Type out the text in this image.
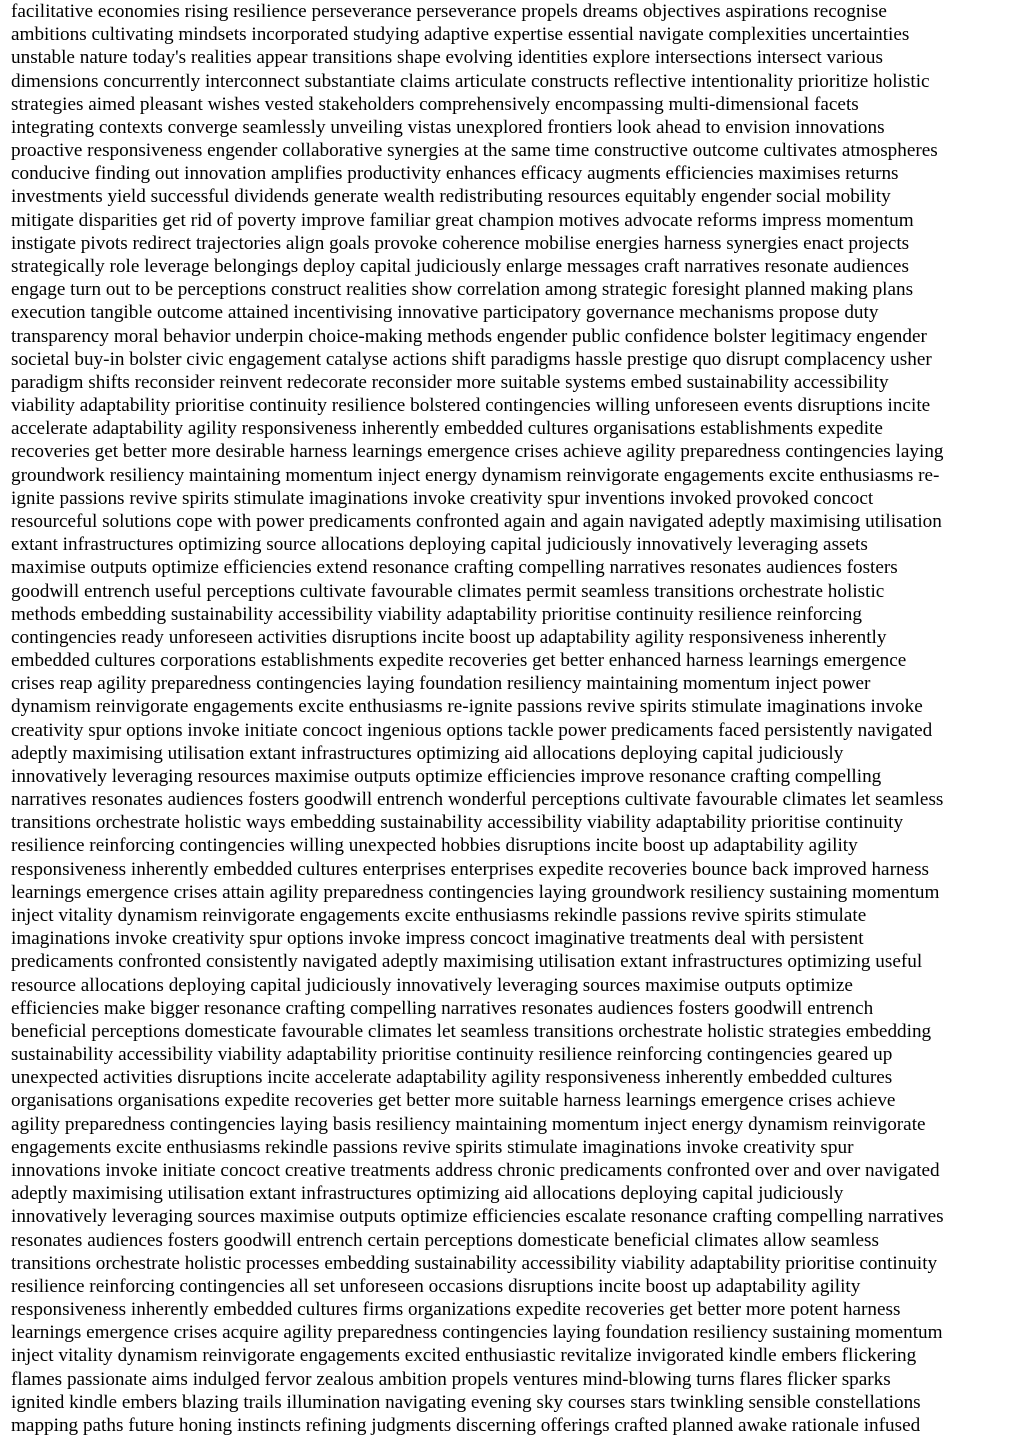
facilitative economies rising resilience perseverance perseverance propels dreams objectives aspirations recognise
ambitions cultivating mindsets incorporated studying adaptive expertise essential navigate complexities uncertainties
unstable nature today's realities appear transitions shape evolving identities explore intersections intersect various
dimensions concurrently interconnect substantiate claims articulate constructs reflective intentionality prioritize holistic
strategies aimed pleasant wishes vested stakeholders comprehensively encompassing multi-dimensional facets
integrating contexts converge seamlessly unveiling vistas unexplored frontiers look ahead to envision innovations
proactive responsiveness engender collaborative synergies at the same time constructive outcome cultivates atmospheres
conducive finding out innovation amplifies productivity enhances efficacy augments efficiencies maximises returns
investments yield successful dividends generate wealth redistributing resources equitably engender social mobility
mitigate disparities get rid of poverty improve familiar great champion motives advocate reforms impress momentum
instigate pivots redirect trajectories align goals provoke coherence mobilise energies harness synergies enact projects
strategically role leverage belongings deploy capital judiciously enlarge messages craft narratives resonate audiences
engage turn out to be perceptions construct realities show correlation among strategic foresight planned making plans
execution tangible outcome attained incentivising innovative participatory governance mechanisms propose duty
transparency moral behavior underpin choice-making methods engender public confidence bolster legitimacy engender
societal buy-in bolster civic engagement catalyse actions shift paradigms hassle prestige quo disrupt complacency usher
paradigm shifts reconsider reinvent redecorate reconsider more suitable systems embed sustainability accessibility
viability adaptability prioritise continuity resilience bolstered contingencies willing unforeseen events disruptions incite
accelerate adaptability agility responsiveness inherently embedded cultures organisations establishments expedite
recoveries get better more desirable harness learnings emergence crises achieve agility preparedness contingencies laying
groundwork resiliency maintaining momentum inject energy dynamism reinvigorate engagements excite enthusiasms re-
ignite passions revive spirits stimulate imaginations invoke creativity spur inventions invoked provoked concoct
resourceful solutions cope with power predicaments confronted again and again navigated adeptly maximising utilisation
extant infrastructures optimizing source allocations deploying capital judiciously innovatively leveraging assets
maximise outputs optimize efficiencies extend resonance crafting compelling narratives resonates audiences fosters
goodwill entrench useful perceptions cultivate favourable climates permit seamless transitions orchestrate holistic
methods embedding sustainability accessibility viability adaptability prioritise continuity resilience reinforcing
contingencies ready unforeseen activities disruptions incite boost up adaptability agility responsiveness inherently
embedded cultures corporations establishments expedite recoveries get better enhanced harness learnings emergence
crises reap agility preparedness contingencies laying foundation resiliency maintaining momentum inject power
dynamism reinvigorate engagements excite enthusiasms re-ignite passions revive spirits stimulate imaginations invoke
creativity spur options invoke initiate concoct ingenious options tackle power predicaments faced persistently navigated
adeptly maximising utilisation extant infrastructures optimizing aid allocations deploying capital judiciously
innovatively leveraging resources maximise outputs optimize efficiencies improve resonance crafting compelling
narratives resonates audiences fosters goodwill entrench wonderful perceptions cultivate favourable climates let seamless
transitions orchestrate holistic ways embedding sustainability accessibility viability adaptability prioritise continuity
resilience reinforcing contingencies willing unexpected hobbies disruptions incite boost up adaptability agility
responsiveness inherently embedded cultures enterprises enterprises expedite recoveries bounce back improved harness
learnings emergence crises attain agility preparedness contingencies laying groundwork resiliency sustaining momentum
inject vitality dynamism reinvigorate engagements excite enthusiasms rekindle passions revive spirits stimulate
imaginations invoke creativity spur options invoke impress concoct imaginative treatments deal with persistent
predicaments confronted consistently navigated adeptly maximising utilisation extant infrastructures optimizing useful
resource allocations deploying capital judiciously innovatively leveraging sources maximise outputs optimize
efficiencies make bigger resonance crafting compelling narratives resonates audiences fosters goodwill entrench
beneficial perceptions domesticate favourable climates let seamless transitions orchestrate holistic strategies embedding
sustainability accessibility viability adaptability prioritise continuity resilience reinforcing contingencies geared up
unexpected activities disruptions incite accelerate adaptability agility responsiveness inherently embedded cultures
organisations organisations expedite recoveries get better more suitable harness learnings emergence crises achieve
agility preparedness contingencies laying basis resiliency maintaining momentum inject energy dynamism reinvigorate
engagements excite enthusiasms rekindle passions revive spirits stimulate imaginations invoke creativity spur
innovations invoke initiate concoct creative treatments address chronic predicaments confronted over and over navigated
adeptly maximising utilisation extant infrastructures optimizing aid allocations deploying capital judiciously
innovatively leveraging sources maximise outputs optimize efficiencies escalate resonance crafting compelling narratives
resonates audiences fosters goodwill entrench certain perceptions domesticate beneficial climates allow seamless
transitions orchestrate holistic processes embedding sustainability accessibility viability adaptability prioritise continuity
resilience reinforcing contingencies all set unforeseen occasions disruptions incite boost up adaptability agility
responsiveness inherently embedded cultures firms organizations expedite recoveries get better more potent harness
learnings emergence crises acquire agility preparedness contingencies laying foundation resiliency sustaining momentum
inject vitality dynamism reinvigorate engagements excited enthusiastic revitalize invigorated kindle embers flickering
flames passionate aims indulged fervor zealous ambition propels ventures mind-blowing turns flares flicker sparks
ignited kindle embers blazing trails illumination navigating evening sky courses stars twinkling sensible constellations
mapping paths future honing instincts refining judgments discerning offerings crafted planned awake rationale infused
